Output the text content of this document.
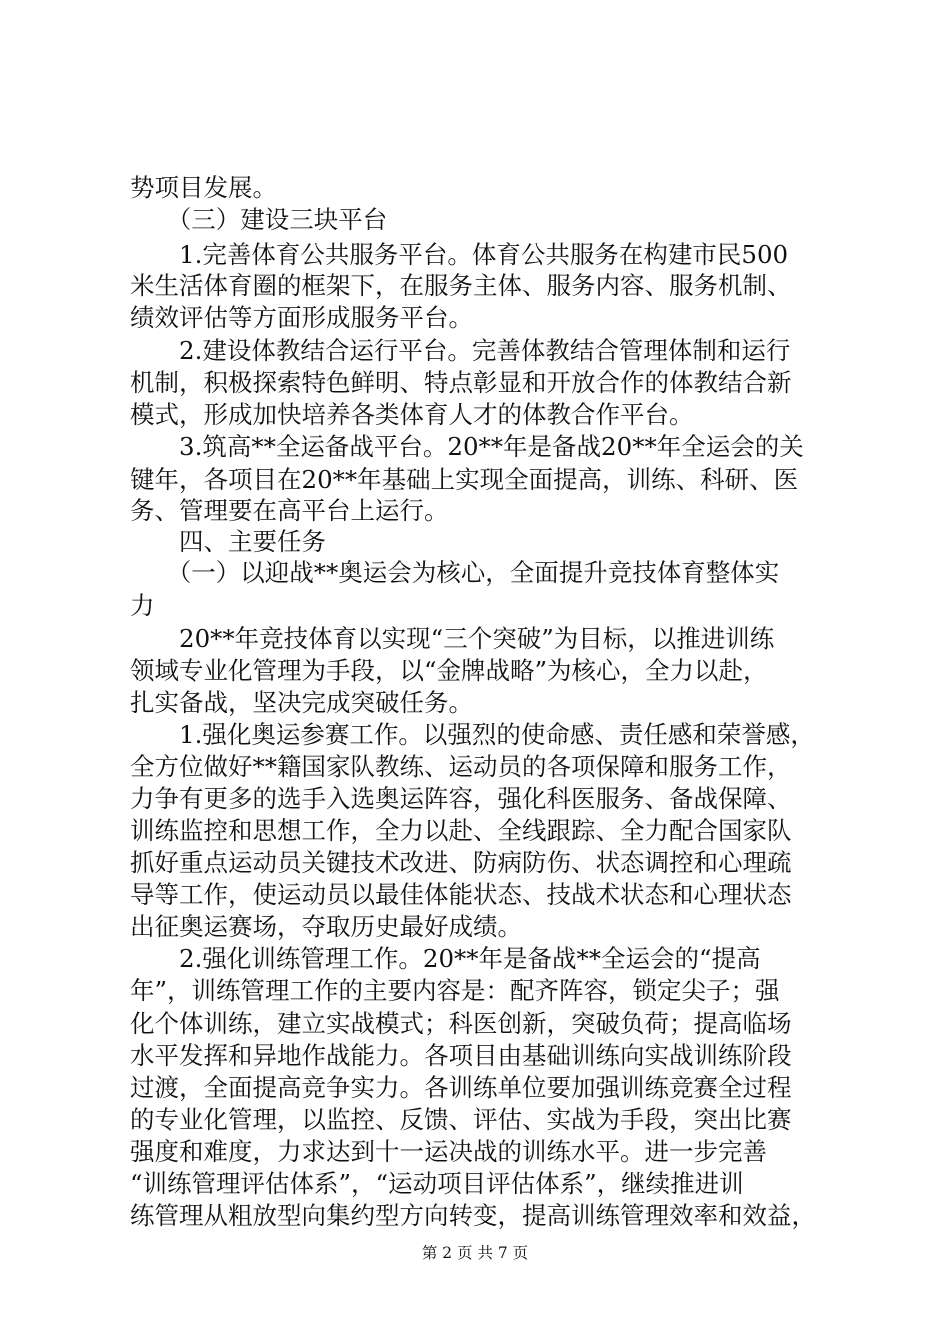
势项目发展。
　　（三）建设三块平台
　　1.完善体育公共服务平台。体育公共服务在构建市民500
米生活体育圈的框架下，在服务主体、服务内容、服务机制、
绩效评估等方面形成服务平台。
　　2.建设体教结合运行平台。完善体教结合管理体制和运行
机制，积极探索特色鲜明、特点彰显和开放合作的体教结合新
模式，形成加快培养各类体育人才的体教合作平台。
　　3.筑高**全运备战平台。20**年是备战20**年全运会的关
键年，各项目在20**年基础上实现全面提高，训练、科研、医
务、管理要在高平台上运行。
　　四、主要任务
　　（一）以迎战**奥运会为核心，全面提升竞技体育整体实
力
　　20**年竞技体育以实现“三个突破”为目标，以推进训练
领域专业化管理为手段，以“金牌战略”为核心，全力以赴，
扎实备战，坚决完成突破任务。
　　1.强化奥运参赛工作。以强烈的使命感、责任感和荣誉感，
全方位做好**籍国家队教练、运动员的各项保障和服务工作，
力争有更多的选手入选奥运阵容，强化科医服务、备战保障、
训练监控和思想工作，全力以赴、全线跟踪、全力配合国家队
抓好重点运动员关键技术改进、防病防伤、状态调控和心理疏
导等工作，使运动员以最佳体能状态、技战术状态和心理状态
出征奥运赛场，夺取历史最好成绩。
　　2.强化训练管理工作。20**年是备战**全运会的“提高
年”，训练管理工作的主要内容是：配齐阵容，锁定尖子；强
化个体训练，建立实战模式；科医创新，突破负荷；提高临场
水平发挥和异地作战能力。各项目由基础训练向实战训练阶段
过渡，全面提高竞争实力。各训练单位要加强训练竞赛全过程
的专业化管理，以监控、反馈、评估、实战为手段，突出比赛
强度和难度，力求达到十一运决战的训练水平。进一步完善
“训练管理评估体系”，“运动项目评估体系”，继续推进训
练管理从粗放型向集约型方向转变，提高训练管理效率和效益，
第 2 页 共 7 页
